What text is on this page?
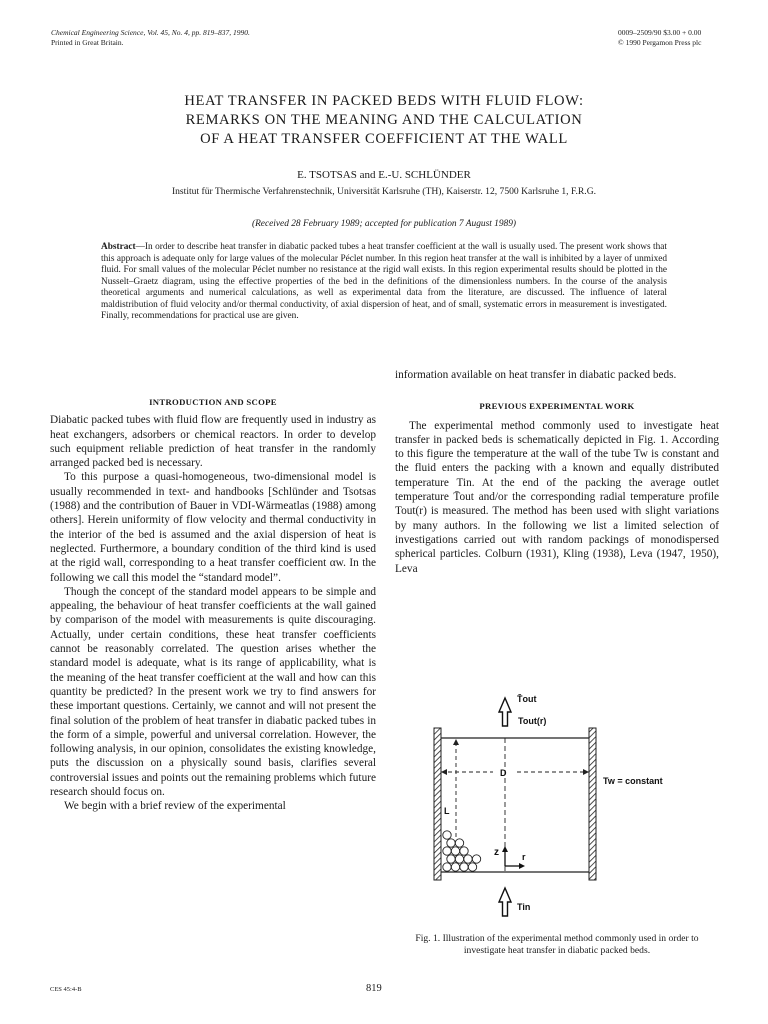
Chemical Engineering Science, Vol. 45, No. 4, pp. 819–837, 1990.
Printed in Great Britain.
0009–2509/90 $3.00 + 0.00
© 1990 Pergamon Press plc
HEAT TRANSFER IN PACKED BEDS WITH FLUID FLOW:
REMARKS ON THE MEANING AND THE CALCULATION
OF A HEAT TRANSFER COEFFICIENT AT THE WALL
E. TSOTSAS and E.-U. SCHLÜNDER
Institut für Thermische Verfahrenstechnik, Universität Karlsruhe (TH), Kaiserstr. 12, 7500 Karlsruhe 1, F.R.G.
(Received 28 February 1989; accepted for publication 7 August 1989)
Abstract—In order to describe heat transfer in diabatic packed tubes a heat transfer coefficient at the wall is usually used. The present work shows that this approach is adequate only for large values of the molecular Péclet number. In this region heat transfer at the wall is inhibited by a layer of unmixed fluid. For small values of the molecular Péclet number no resistance at the rigid wall exists. In this region experimental results should be plotted in the Nusselt–Graetz diagram, using the effective properties of the bed in the definitions of the dimensionless numbers. In the course of the analysis theoretical arguments and numerical calculations, as well as experimental data from the literature, are discussed. The influence of lateral maldistribution of fluid velocity and/or thermal conductivity, of axial dispersion of heat, and of small, systematic errors in measurement is investigated. Finally, recommendations for practical use are given.
INTRODUCTION AND SCOPE

Diabatic packed tubes with fluid flow are frequently used in industry as heat exchangers, adsorbers or chemical reactors. In order to develop such equipment reliable prediction of heat transfer in the randomly arranged packed bed is necessary.

To this purpose a quasi-homogeneous, two-dimensional model is usually recommended in text- and handbooks [Schlünder and Tsotsas (1988) and the contribution of Bauer in VDI-Wärmeatlas (1988) among others]. Herein uniformity of flow velocity and thermal conductivity in the interior of the bed is assumed and the axial dispersion of heat is neglected. Furthermore, a boundary condition of the third kind is used at the rigid wall, corresponding to a heat transfer coefficient αw. In the following we call this model the “standard model”.

Though the concept of the standard model appears to be simple and appealing, the behaviour of heat transfer coefficients at the wall gained by comparison of the model with measurements is quite discouraging. Actually, under certain conditions, these heat transfer coefficients cannot be reasonably correlated. The question arises whether the standard model is adequate, what is its range of applicability, what is the meaning of the heat transfer coefficient at the wall and how can this quantity be predicted? In the present work we try to find answers for these important questions. Certainly, we cannot and will not present the final solution of the problem of heat transfer in diabatic packed tubes in the form of a simple, powerful and universal correlation. However, the following analysis, in our opinion, consolidates the existing knowledge, puts the discussion on a physically sound basis, clarifies several controversial issues and points out the remaining problems which future research should focus on.

We begin with a brief review of the experimental

information available on heat transfer in diabatic packed beds.

PREVIOUS EXPERIMENTAL WORK

The experimental method commonly used to investigate heat transfer in packed beds is schematically depicted in Fig. 1. According to this figure the temperature at the wall of the tube Tw is constant and the fluid enters the packing with a known and equally distributed temperature Tin. At the end of the packing the average outlet temperature T̄out and/or the corresponding radial temperature profile Tout(r) is measured. The method has been used with slight variations by many authors. In the following we list a limited selection of investigations carried out with random packings of monodispersed spherical particles. Colburn (1931), Kling (1938), Leva (1947, 1950), Leva

T̄out
Tout(r)
D
L
z	r
Tw = constant
Tin
Fig. 1. Illustration of the experimental method commonly used in order to investigate heat transfer in diabatic packed beds.
CES 45:4-B	819
